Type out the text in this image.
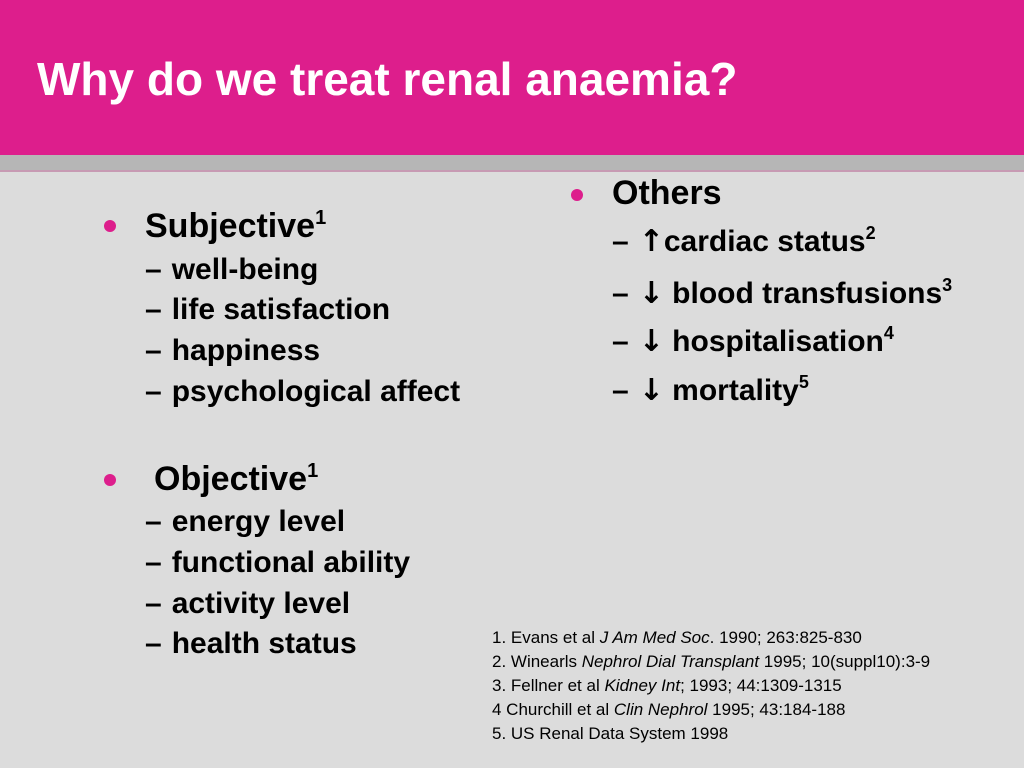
Why do we treat renal anaemia?
Subjective$^1$
– well-being
– life satisfaction
– happiness
– psychological affect
Objective$^1$
– energy level
– functional ability
– activity level
– health status
Others
– ↑cardiac status$^2$
– ↓ blood transfusions$^3$
– ↓ hospitalisation$^4$
– ↓ mortality$^5$
1. Evans et al J Am Med Soc. 1990; 263:825-830
2. Winearls Nephrol Dial Transplant 1995; 10(suppl10):3-9
3. Fellner et al Kidney Int; 1993; 44:1309-1315
4 Churchill et al Clin Nephrol 1995; 43:184-188
5. US Renal Data System 1998
